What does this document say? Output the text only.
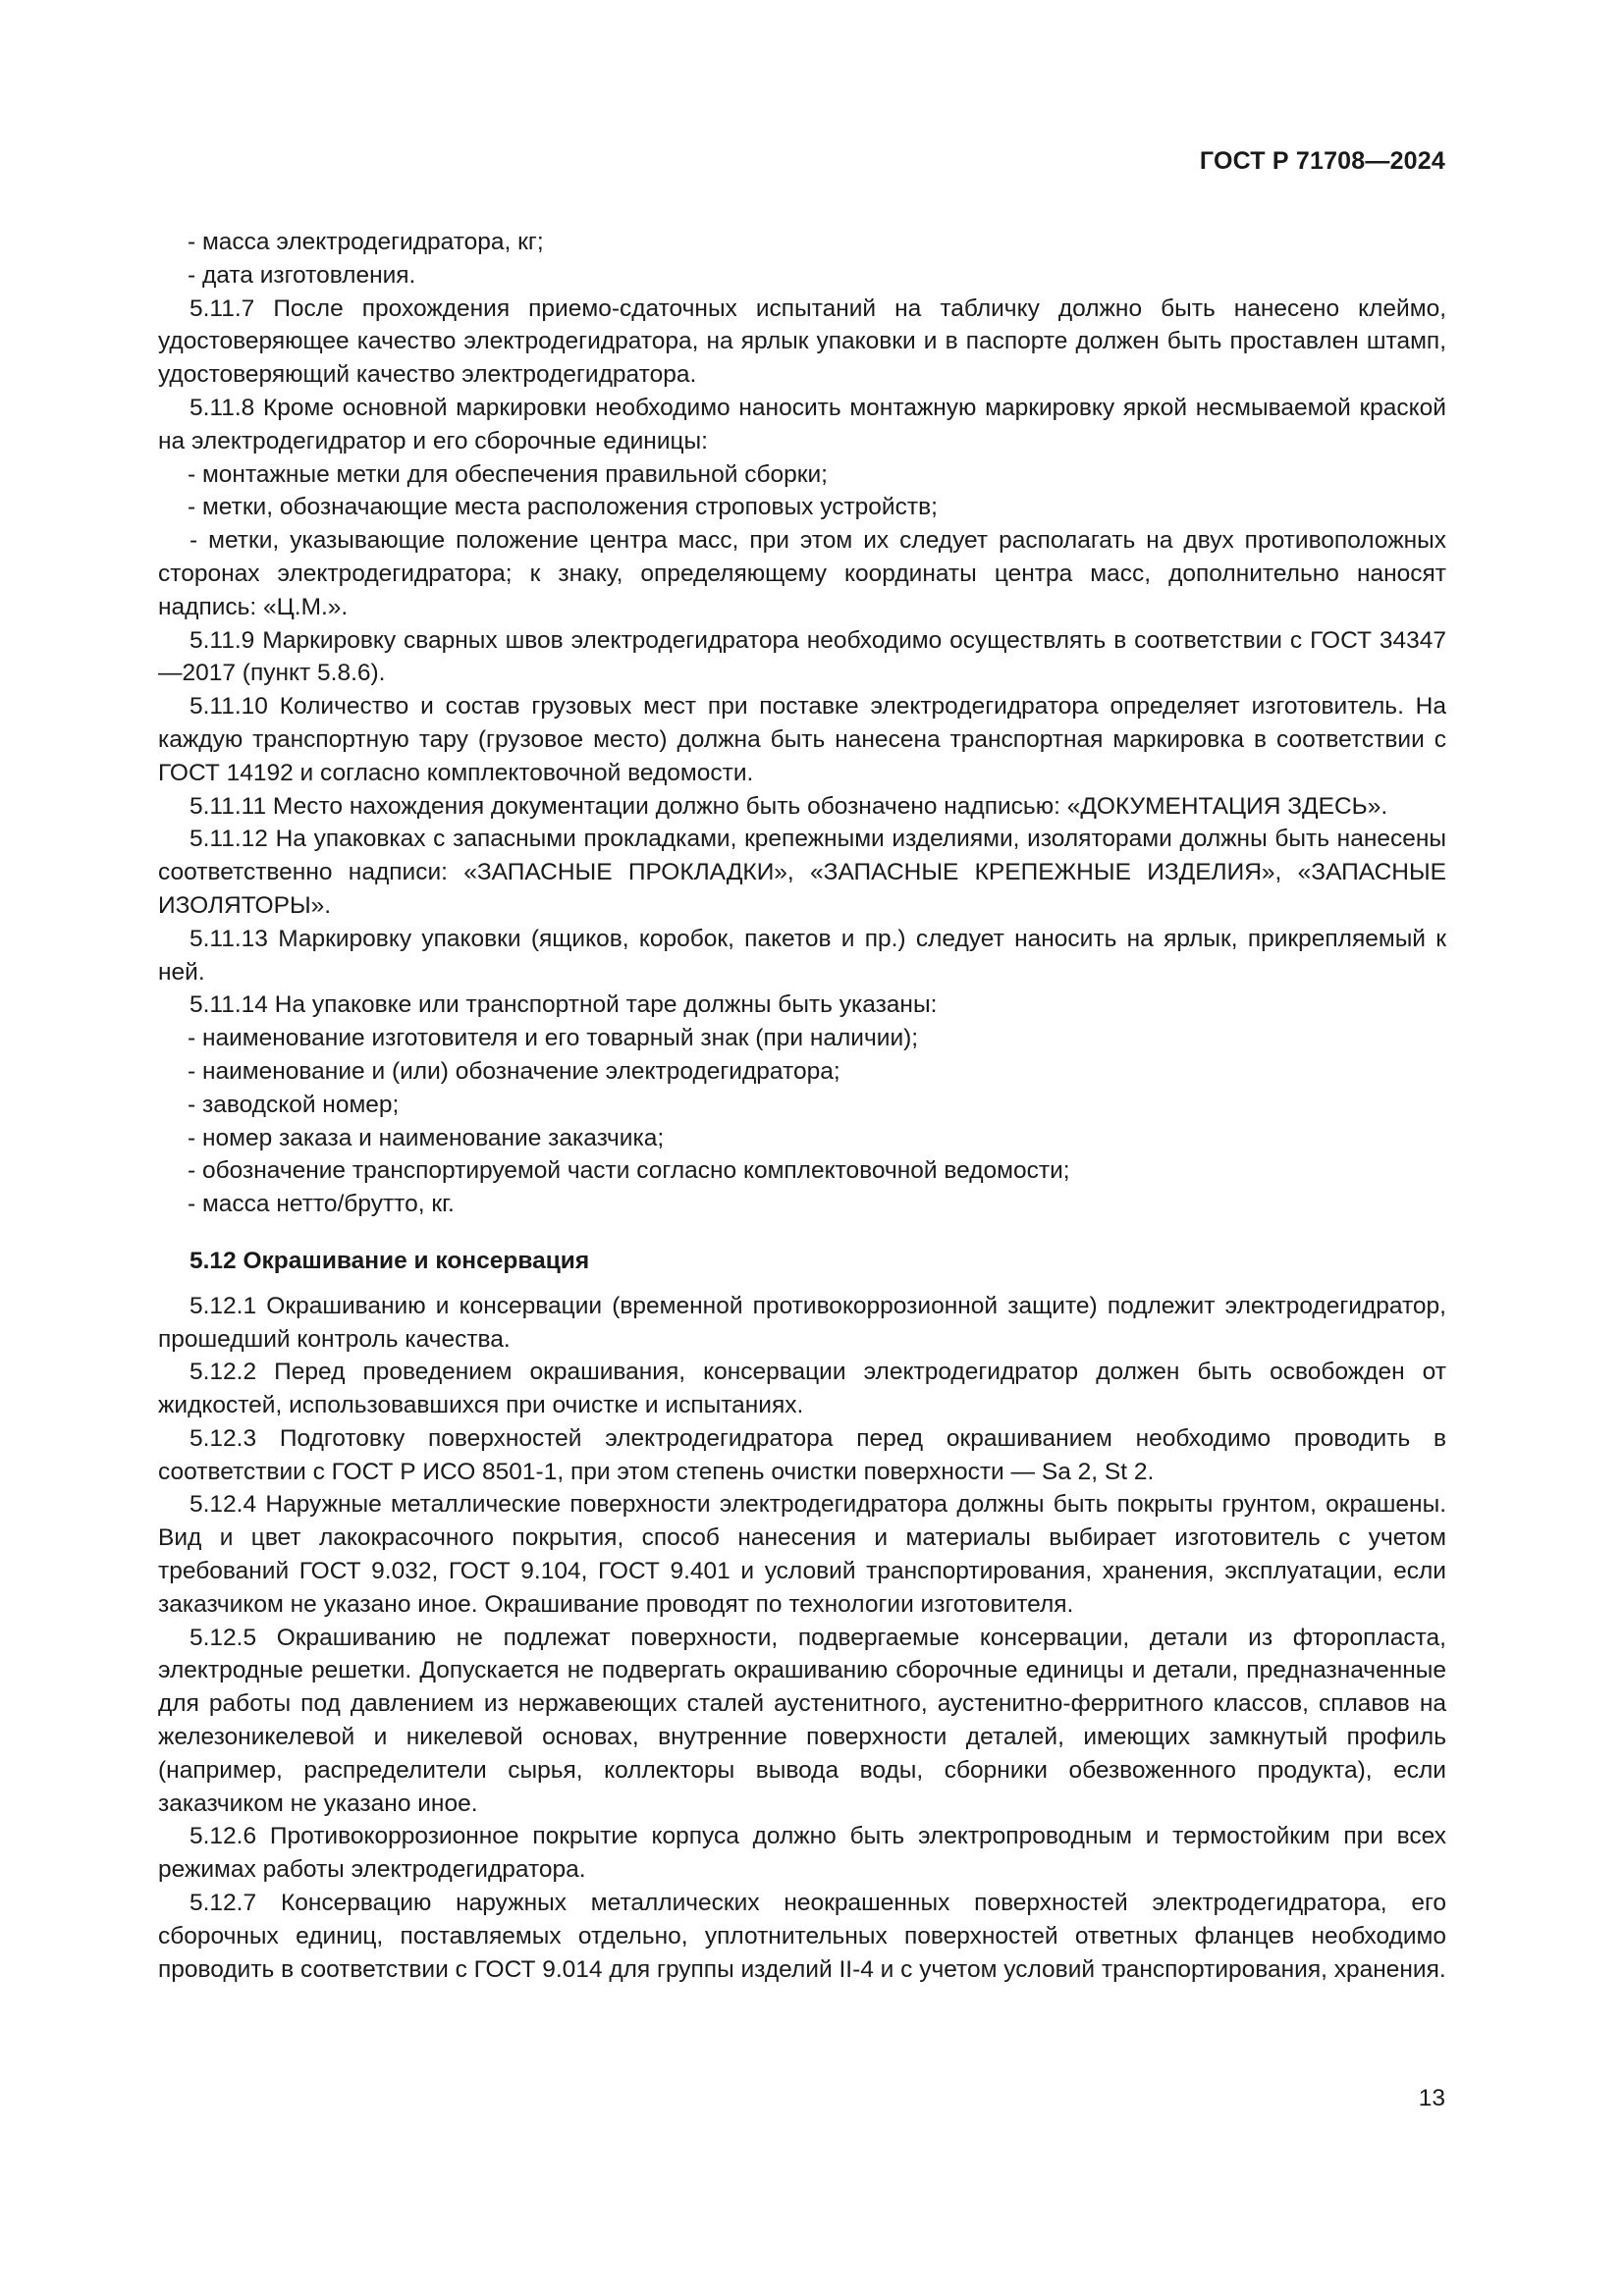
ГОСТ Р 71708—2024

- масса электродегидратора, кг;

- дата изготовления.

5.11.7 После прохождения приемо-сдаточных испытаний на табличку должно быть нанесено клеймо, удостоверяющее качество электродегидратора, на ярлык упаковки и в паспорте должен быть проставлен штамп, удостоверяющий качество электродегидратора.

5.11.8 Кроме основной маркировки необходимо наносить монтажную маркировку яркой несмываемой краской на электродегидратор и его сборочные единицы:

- монтажные метки для обеспечения правильной сборки;

- метки, обозначающие места расположения строповых устройств;

- метки, указывающие положение центра масс, при этом их следует располагать на двух противоположных сторонах электродегидратора; к знаку, определяющему координаты центра масс, дополнительно наносят надпись: «Ц.М.».

5.11.9 Маркировку сварных швов электродегидратора необходимо осуществлять в соответствии с ГОСТ 34347—2017 (пункт 5.8.6).

5.11.10 Количество и состав грузовых мест при поставке электродегидратора определяет изготовитель. На каждую транспортную тару (грузовое место) должна быть нанесена транспортная маркировка в соответствии с ГОСТ 14192 и согласно комплектовочной ведомости.

5.11.11 Место нахождения документации должно быть обозначено надписью: «ДОКУМЕНТАЦИЯ ЗДЕСЬ».

5.11.12 На упаковках с запасными прокладками, крепежными изделиями, изоляторами должны быть нанесены соответственно надписи: «ЗАПАСНЫЕ ПРОКЛАДКИ», «ЗАПАСНЫЕ КРЕПЕЖНЫЕ ИЗДЕЛИЯ», «ЗАПАСНЫЕ ИЗОЛЯТОРЫ».

5.11.13 Маркировку упаковки (ящиков, коробок, пакетов и пр.) следует наносить на ярлык, прикрепляемый к ней.

5.11.14 На упаковке или транспортной таре должны быть указаны:

- наименование изготовителя и его товарный знак (при наличии);

- наименование и (или) обозначение электродегидратора;

- заводской номер;

- номер заказа и наименование заказчика;

- обозначение транспортируемой части согласно комплектовочной ведомости;

- масса нетто/брутто, кг.

5.12 Окрашивание и консервация

5.12.1 Окрашиванию и консервации (временной противокоррозионной защите) подлежит электродегидратор, прошедший контроль качества.

5.12.2 Перед проведением окрашивания, консервации электродегидратор должен быть освобожден от жидкостей, использовавшихся при очистке и испытаниях.

5.12.3 Подготовку поверхностей электродегидратора перед окрашиванием необходимо проводить в соответствии с ГОСТ Р ИСО 8501-1, при этом степень очистки поверхности — Sa 2, St 2.

5.12.4 Наружные металлические поверхности электродегидратора должны быть покрыты грунтом, окрашены. Вид и цвет лакокрасочного покрытия, способ нанесения и материалы выбирает изготовитель с учетом требований ГОСТ 9.032, ГОСТ 9.104, ГОСТ 9.401 и условий транспортирования, хранения, эксплуатации, если заказчиком не указано иное. Окрашивание проводят по технологии изготовителя.

5.12.5 Окрашиванию не подлежат поверхности, подвергаемые консервации, детали из фторопласта, электродные решетки. Допускается не подвергать окрашиванию сборочные единицы и детали, предназначенные для работы под давлением из нержавеющих сталей аустенитного, аустенитно-ферритного классов, сплавов на железоникелевой и никелевой основах, внутренние поверхности деталей, имеющих замкнутый профиль (например, распределители сырья, коллекторы вывода воды, сборники обезвоженного продукта), если заказчиком не указано иное.

5.12.6 Противокоррозионное покрытие корпуса должно быть электропроводным и термостойким при всех режимах работы электродегидратора.

5.12.7 Консервацию наружных металлических неокрашенных поверхностей электродегидратора, его сборочных единиц, поставляемых отдельно, уплотнительных поверхностей ответных фланцев необходимо проводить в соответствии с ГОСТ 9.014 для группы изделий II-4 и с учетом условий транспортирования, хранения.

13
